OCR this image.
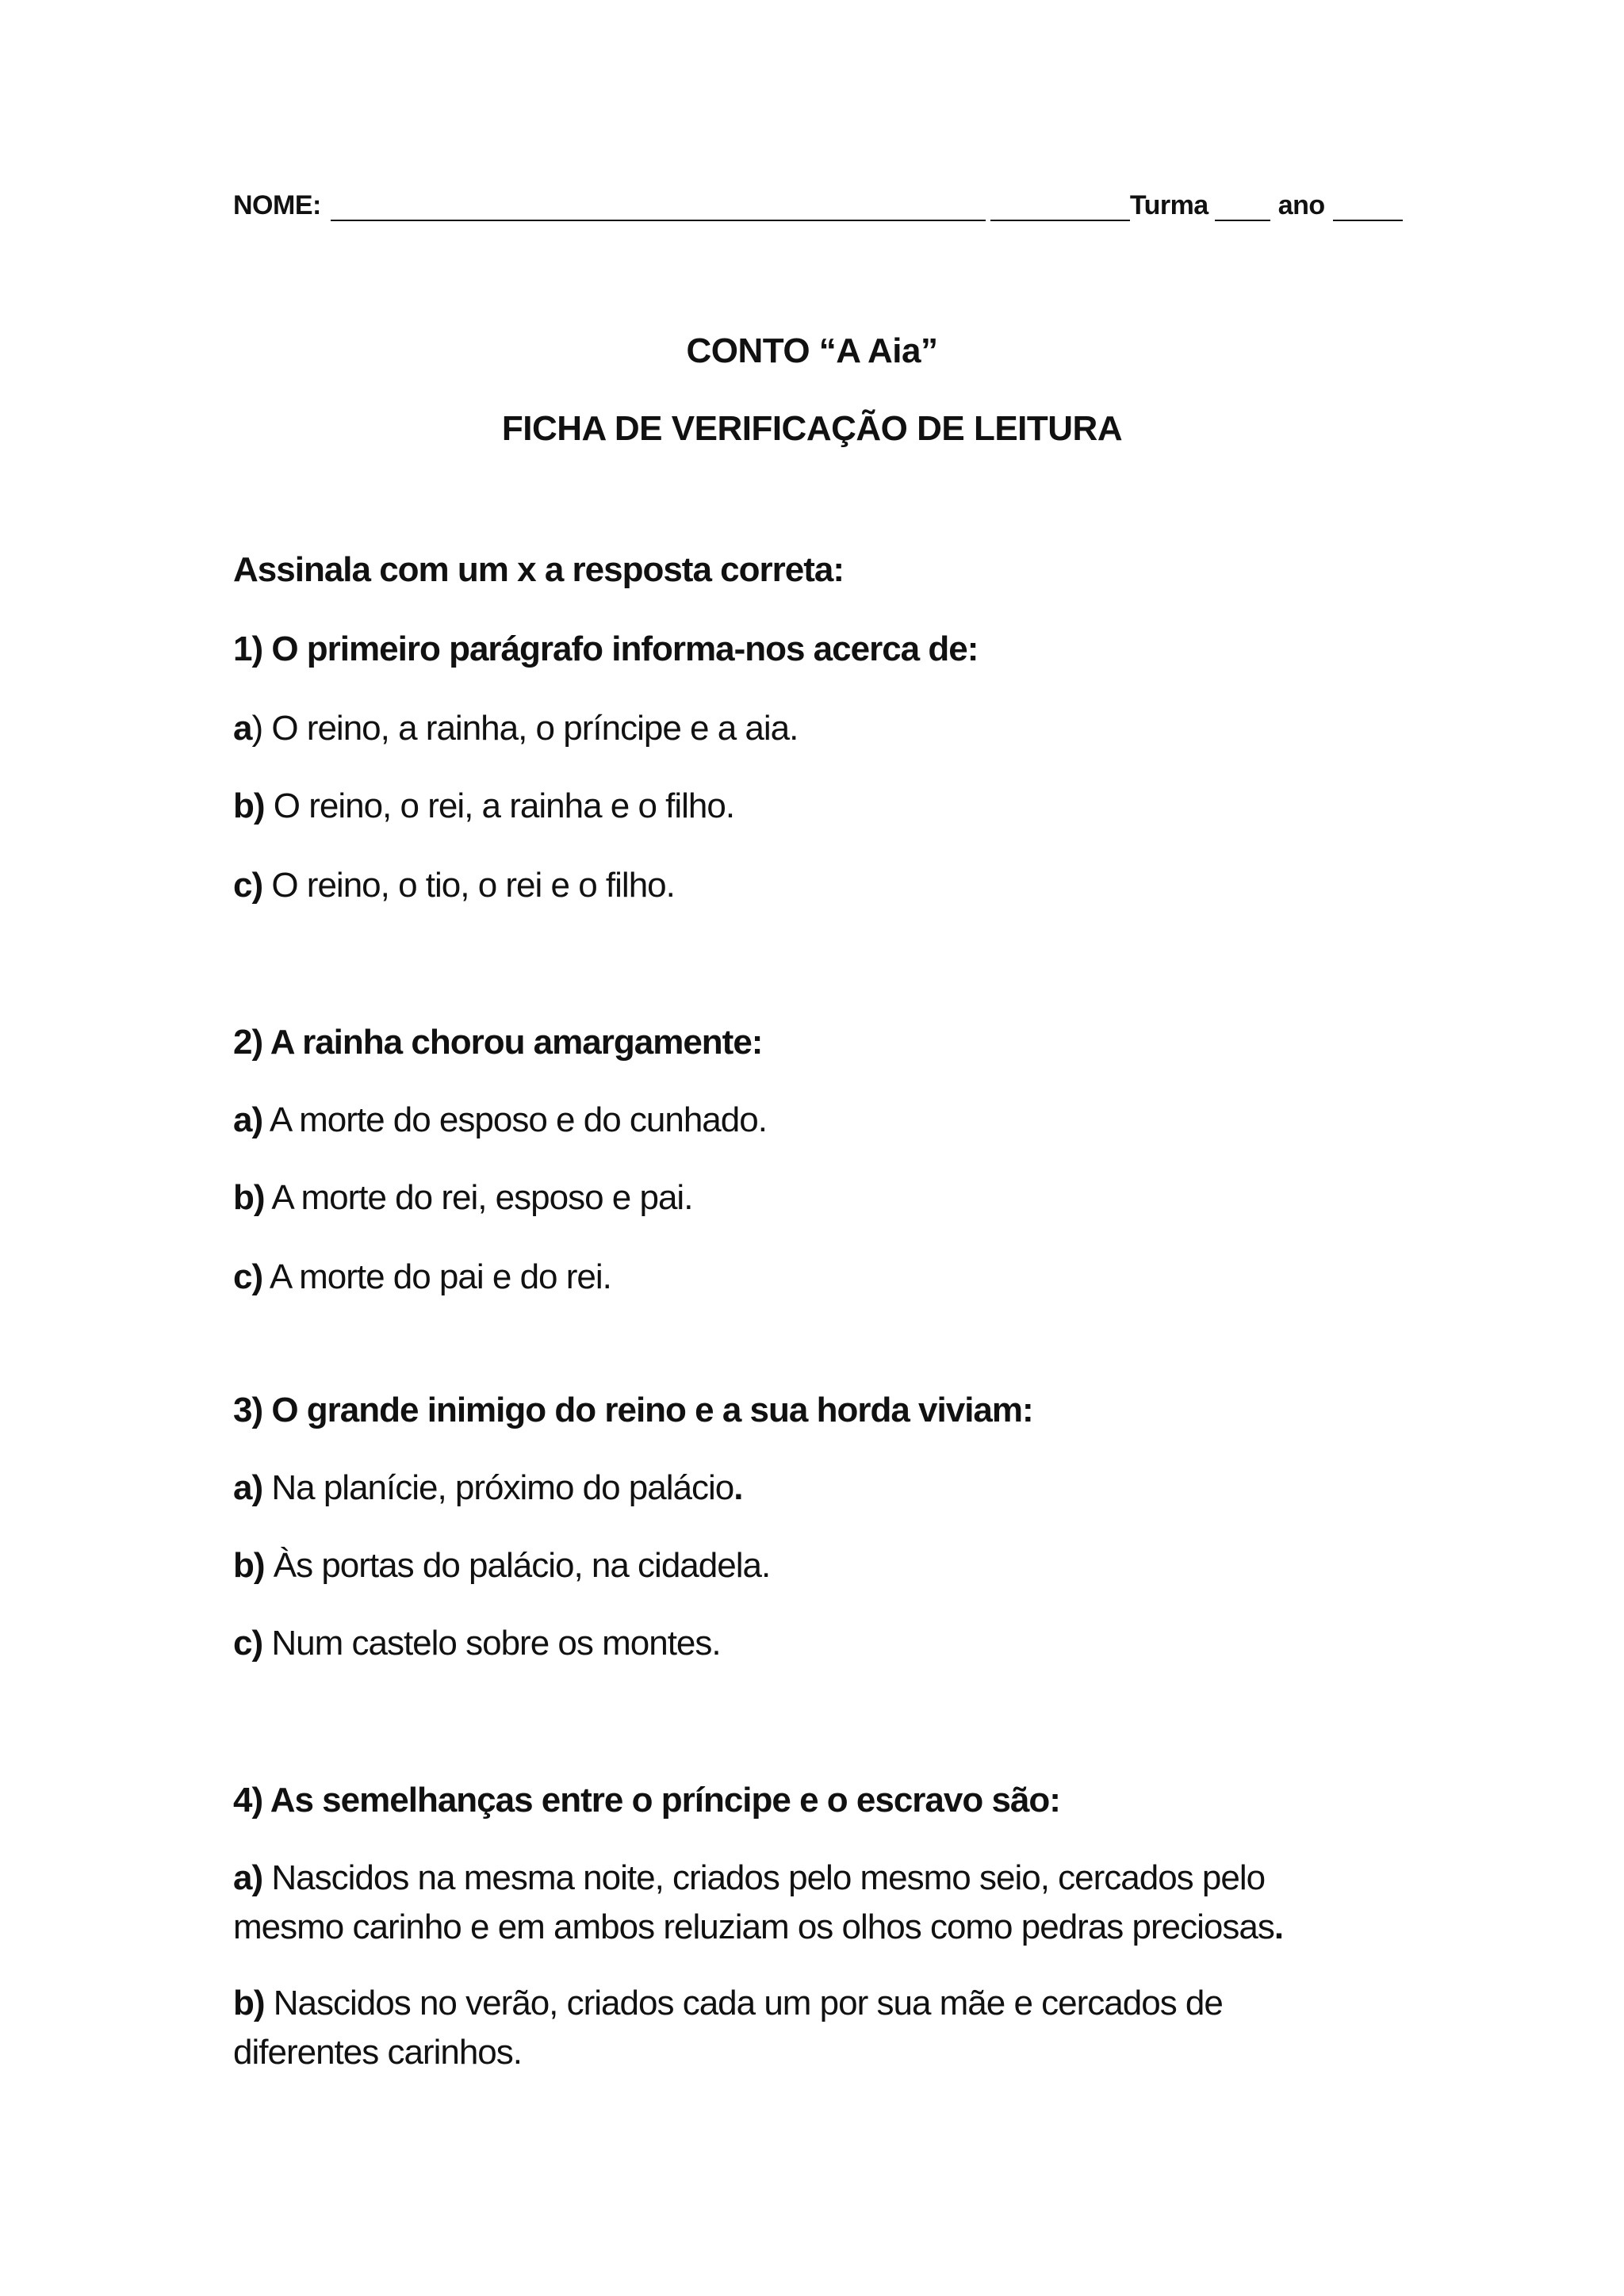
NOME:	Turma	ano
CONTO “A Aia”
FICHA DE VERIFICAÇÃO DE LEITURA
Assinala com um x a resposta correta:
1) O primeiro parágrafo informa-nos acerca de:
a) O reino, a rainha, o príncipe e a aia.
b) O reino, o rei, a rainha e o filho.
c) O reino, o tio, o rei e o filho.
2) A rainha chorou amargamente:
a) A morte do esposo e do cunhado.
b) A morte do rei, esposo e pai.
c) A morte do pai e do rei.
3) O grande inimigo do reino e a sua horda viviam:
a) Na planície, próximo do palácio.
b) Às portas do palácio, na cidadela.
c) Num castelo sobre os montes.
4) As semelhanças entre o príncipe e o escravo são:
a) Nascidos na mesma noite, criados pelo mesmo seio, cercados pelo mesmo carinho e em ambos reluziam os olhos como pedras preciosas.
b) Nascidos no verão, criados cada um por sua mãe e cercados de diferentes carinhos.
